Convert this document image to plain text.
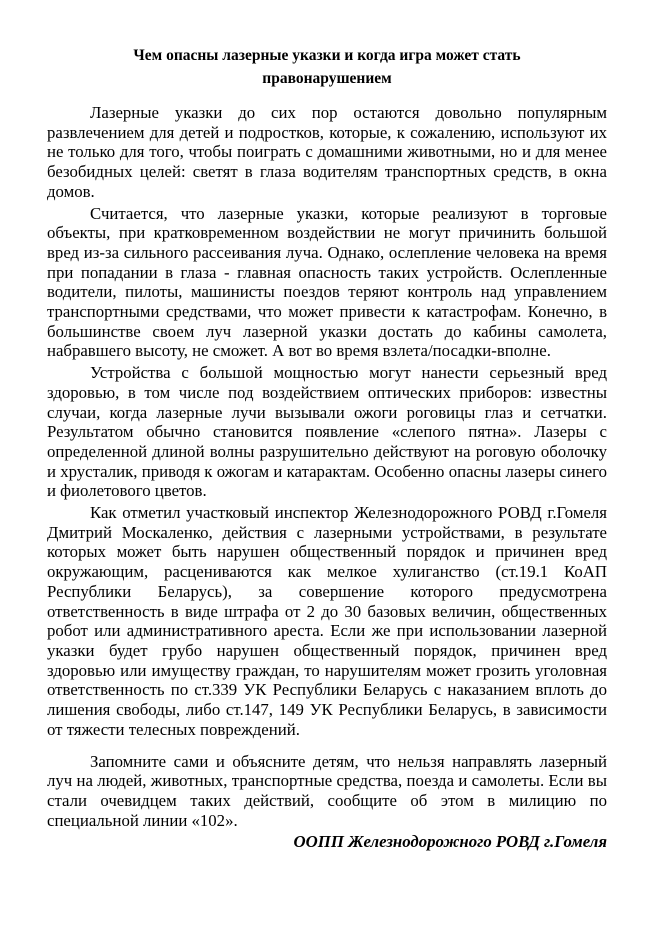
Чем опасны лазерные указки и когда игра может стать правонарушением

Лазерные указки до сих пор остаются довольно популярным развлечением для детей и подростков, которые, к сожалению, используют их не только для того, чтобы поиграть с домашними животными, но и для менее безобидных целей: светят в глаза водителям транспортных средств, в окна домов.

Считается, что лазерные указки, которые реализуют в торговые объекты, при кратковременном воздействии не могут причинить большой вред из-за сильного рассеивания луча. Однако, ослепление человека на время при попадании в глаза - главная опасность таких устройств. Ослепленные водители, пилоты, машинисты поездов теряют контроль над управлением транспортными средствами, что может привести к катастрофам. Конечно, в большинстве своем луч лазерной указки достать до кабины самолета, набравшего высоту, не сможет. А вот во время взлета/посадки-вполне.

Устройства с большой мощностью могут нанести серьезный вред здоровью, в том числе под воздействием оптических приборов: известны случаи, когда лазерные лучи вызывали ожоги роговицы глаз и сетчатки. Результатом обычно становится появление «слепого пятна». Лазеры с определенной длиной волны разрушительно действуют на роговую оболочку и хрусталик, приводя к ожогам и катарактам. Особенно опасны лазеры синего и фиолетового цветов.

Как отметил участковый инспектор Железнодорожного РОВД г.Гомеля Дмитрий Москаленко, действия с лазерными устройствами, в результате которых может быть нарушен общественный порядок и причинен вред окружающим, расцениваются как мелкое хулиганство (ст.19.1 КоАП Республики Беларусь), за совершение которого предусмотрена ответственность в виде штрафа от 2 до 30 базовых величин, общественных робот или административного ареста. Если же при использовании лазерной указки будет грубо нарушен общественный порядок, причинен вред здоровью или имуществу граждан, то нарушителям может грозить уголовная ответственность по ст.339 УК Республики Беларусь с наказанием вплоть до лишения свободы, либо ст.147, 149 УК Республики Беларусь, в зависимости от тяжести телесных повреждений.

Запомните сами и объясните детям, что нельзя направлять лазерный луч на людей, животных, транспортные средства, поезда и самолеты. Если вы стали очевидцем таких действий, сообщите об этом в милицию по специальной линии «102».

ООПП Железнодорожного РОВД г.Гомеля
